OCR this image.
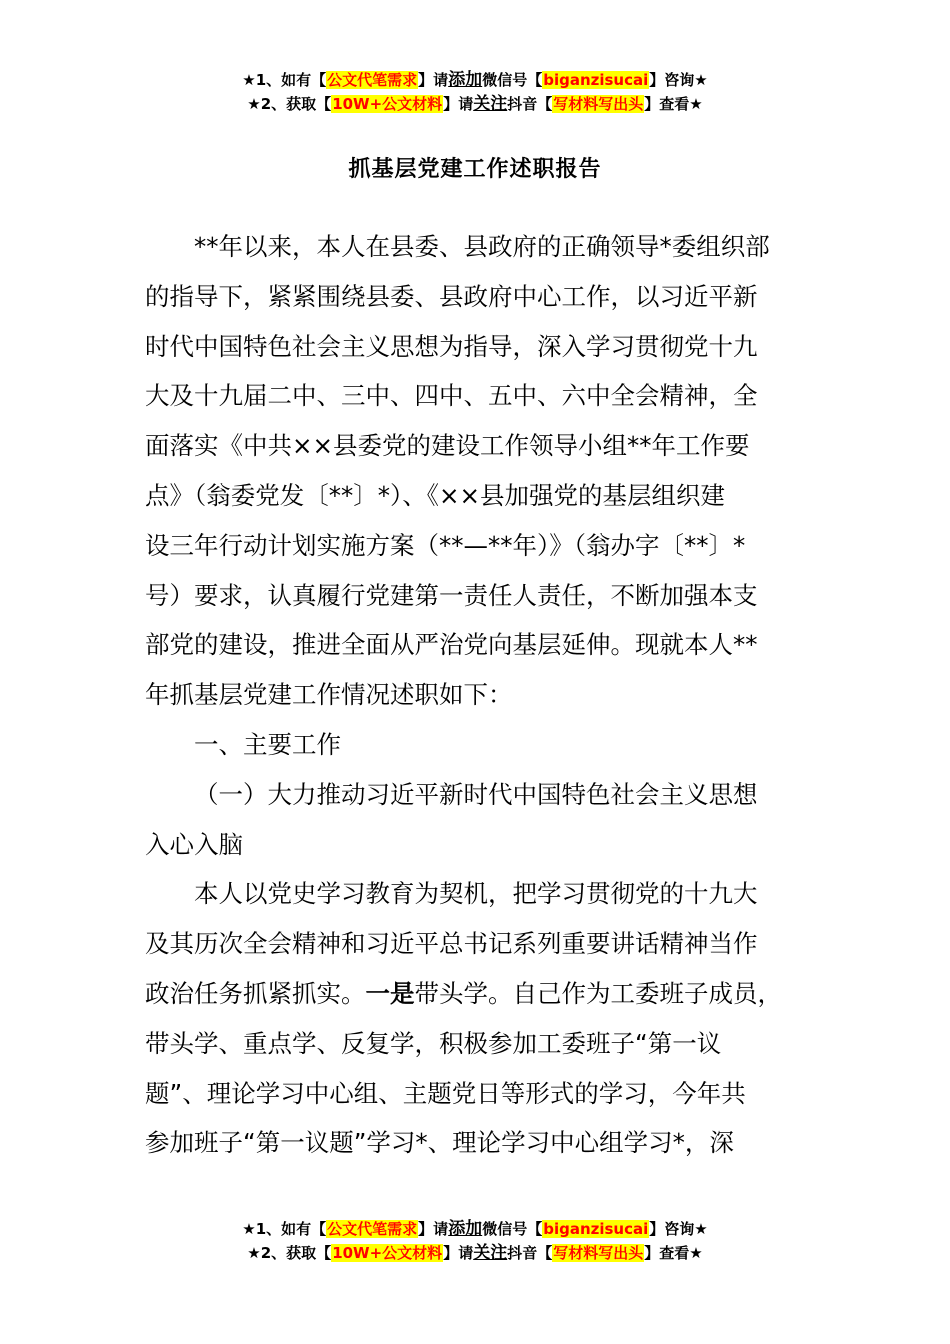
★1、如有【公文代笔需求】请添加微信号【biganzisucai】咨询★
★2、获取【10W+公文材料】请关注抖音【写材料写出头】查看★
抓基层党建工作述职报告
**年以来，本人在县委、县政府的正确领导*委组织部
的指导下，紧紧围绕县委、县政府中心工作，以习近平新
时代中国特色社会主义思想为指导，深入学习贯彻党十九
大及十九届二中、三中、四中、五中、六中全会精神，全
面落实《中共××县委党的建设工作领导小组**年工作要
点》（翁委党发〔**〕*）、《××县加强党的基层组织建
设三年行动计划实施方案（**—**年）》（翁办字〔**〕*
号）要求，认真履行党建第一责任人责任，不断加强本支
部党的建设，推进全面从严治党向基层延伸。现就本人**
年抓基层党建工作情况述职如下：
一、主要工作
（一）大力推动习近平新时代中国特色社会主义思想
入心入脑
本人以党史学习教育为契机，把学习贯彻党的十九大
及其历次全会精神和习近平总书记系列重要讲话精神当作
政治任务抓紧抓实。一是带头学。自己作为工委班子成员，
带头学、重点学、反复学，积极参加工委班子“第一议
题”、理论学习中心组、主题党日等形式的学习，今年共
参加班子“第一议题”学习*、理论学习中心组学习*，深
★1、如有【公文代笔需求】请添加微信号【biganzisucai】咨询★
★2、获取【10W+公文材料】请关注抖音【写材料写出头】查看★
